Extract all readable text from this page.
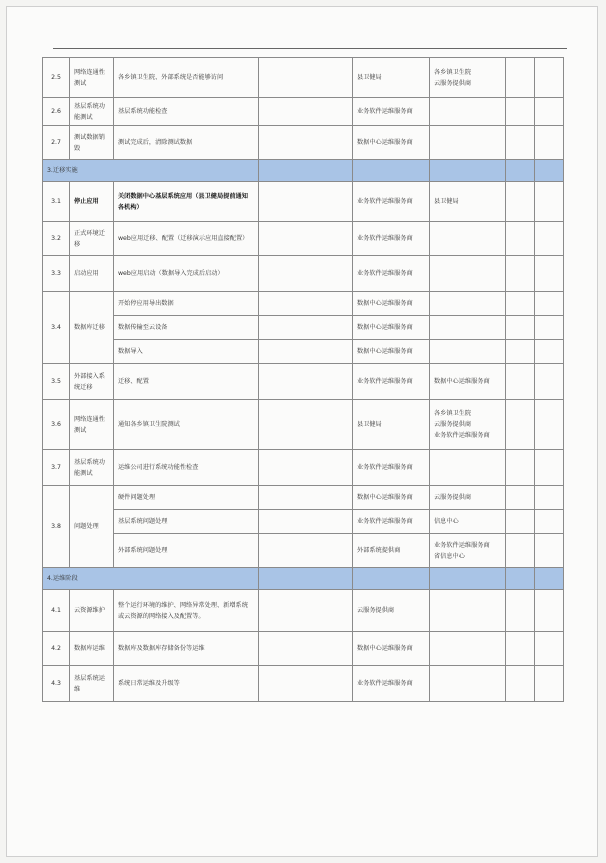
2.5	网络连通性测试	各乡镇卫生院、外部系统是否能够访问		县卫健局	各乡镇卫生院
云服务提供商		

2.6	基层系统功能测试	基层系统功能检查		业务软件运维服务商			
2.7	测试数据销毁	测试完成后，清除测试数据		数据中心运维服务商			
3.迁移实施							
3.1	停止应用	关闭数据中心基层系统应用（县卫健局提前通知各机构）		业务软件运维服务商	县卫健局		

3.2	正式环境迁移	web应用迁移、配置（迁移演示应用直接配置）		业务软件运维服务商			
3.3	启动应用	web应用启动（数据导入完成后启动）		业务软件运维服务商			
3.4	数据库迁移	开始停应用导出数据		数据中心运维服务商			
		数据传输至云设备		数据中心运维服务商			
		数据导入		数据中心运维服务商			
3.5	外部接入系统迁移	迁移、配置		业务软件运维服务商	数据中心运维服务商		

3.6	网络连通性测试	通知各乡镇卫生院测试		县卫健局	各乡镇卫生院
云服务提供商
业务软件运维服务商		

3.7	基层系统功能测试	运维公司进行系统功能性检查		业务软件运维服务商			
3.8	问题处理	硬件问题处理		数据中心运维服务商	云服务提供商		

		基层系统问题处理		业务软件运维服务商	信息中心		

		外部系统问题处理		外部系统提供商	业务软件运维服务商
省信息中心		

4.运维阶段							
4.1	云资源维护	整个运行环境的维护、网络异常处理、新增系统或云资源的网络接入及配置等。		云服务提供商			
4.2	数据库运维	数据库及数据库存储备份等运维		数据中心运维服务商			
4.3	基层系统运维	系统日常运维及升级等		业务软件运维服务商			
